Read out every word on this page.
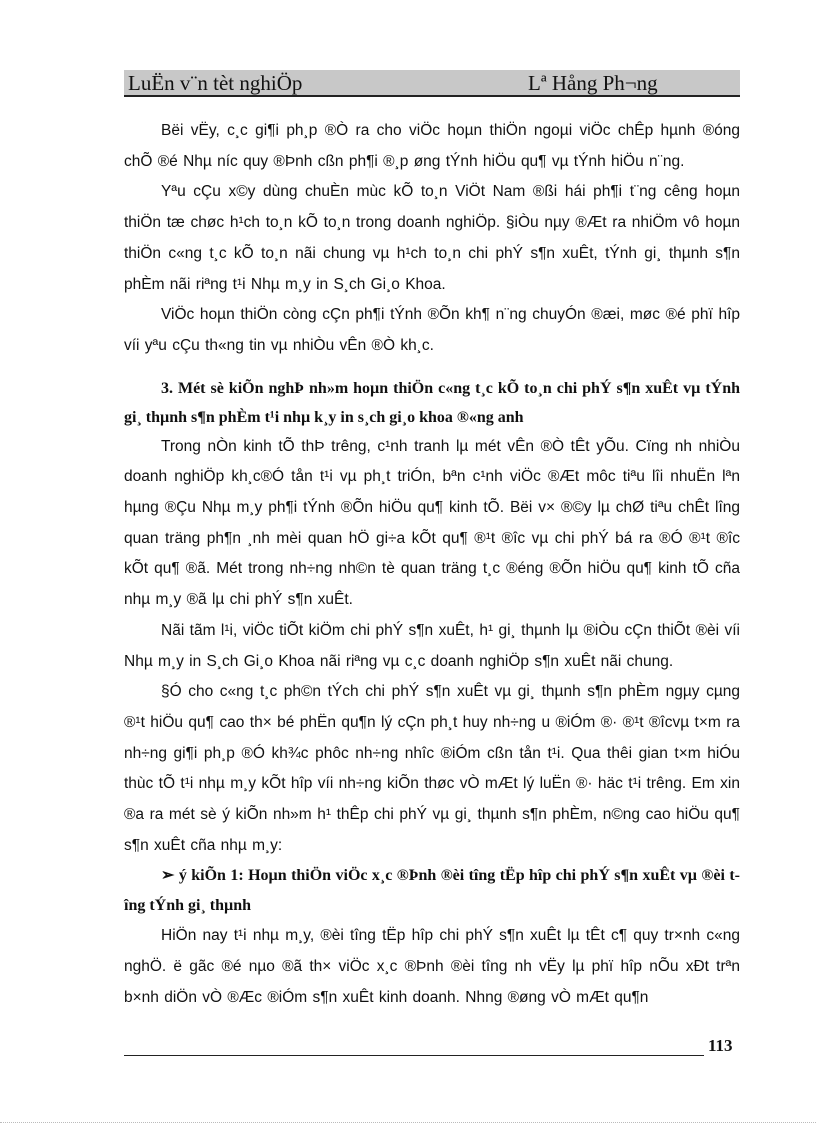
LuËn v¨n tèt nghiÖp	Lª Hång Ph¬ng

Bëi vËy, c¸c gi¶i ph¸p ®Ò ra cho viÖc hoµn thiÖn ngoµi viÖc chÊp hµnh ®óng chÕ ®é Nhµ níc quy ®Þnh cßn ph¶i ®¸p øng tÝnh hiÖu qu¶ vµ tÝnh hiÖu n¨ng.

Yªu cÇu x©y dùng chuÈn mùc kÕ to¸n ViÖt Nam ®ßi hái ph¶i t¨ng cêng hoµn thiÖn tæ chøc h¹ch to¸n kÕ to¸n trong doanh nghiÖp. §iÒu nµy ®Æt ra nhiÖm vô hoµn thiÖn c«ng t¸c kÕ to¸n nãi chung vµ h¹ch to¸n chi phÝ s¶n xuÊt, tÝnh gi¸ thµnh s¶n phÈm nãi riªng t¹i Nhµ m¸y in S¸ch Gi¸o Khoa.

ViÖc hoµn thiÖn còng cÇn ph¶i tÝnh ®Õn kh¶ n¨ng chuyÓn ®æi, møc ®é phï hîp víi yªu cÇu th«ng tin vµ nhiÒu vÊn ®Ò kh¸c.

3. Mét sè kiÕn nghÞ nh»m hoµn thiÖn c«ng t¸c kÕ to¸n chi phÝ s¶n xuÊt vµ tÝnh gi¸ thµnh s¶n phÈm t¹i nhµ k¸y in s¸ch gi¸o khoa ®«ng anh

Trong nÒn kinh tÕ thÞ trêng, c¹nh tranh lµ mét vÊn ®Ò tÊt yÕu. Cïng nh nhiÒu doanh nghiÖp kh¸c®Ó tån t¹i vµ ph¸t triÓn, bªn c¹nh viÖc ®Æt môc tiªu lîi nhuËn lªn hµng ®Çu Nhµ m¸y ph¶i tÝnh ®Õn hiÖu qu¶ kinh tÕ. Bëi v× ®©y lµ chØ tiªu chÊt lîng quan träng ph¶n ¸nh mèi quan hÖ gi÷a kÕt qu¶ ®¹t ®îc vµ chi phÝ bá ra ®Ó ®¹t ®îc kÕt qu¶ ®ã. Mét trong nh÷ng nh©n tè quan träng t¸c ®éng ®Õn hiÖu qu¶ kinh tÕ cña nhµ m¸y ®ã lµ chi phÝ s¶n xuÊt.

Nãi tãm l¹i, viÖc tiÕt kiÖm chi phÝ s¶n xuÊt, h¹ gi¸ thµnh lµ ®iÒu cÇn thiÕt ®èi víi Nhµ m¸y in S¸ch Gi¸o Khoa nãi riªng vµ c¸c doanh nghiÖp s¶n xuÊt nãi chung.

§Ó cho c«ng t¸c ph©n tÝch chi phÝ s¶n xuÊt vµ gi¸ thµnh s¶n phÈm ngµy cµng ®¹t hiÖu qu¶ cao th× bé phËn qu¶n lý cÇn ph¸t huy nh÷ng u ®iÓm ®· ®¹t ®îcvµ t×m ra nh÷ng gi¶i ph¸p ®Ó kh¾c phôc nh÷ng nhîc ®iÓm cßn tån t¹i. Qua thêi gian t×m hiÓu thùc tÕ t¹i nhµ m¸y kÕt hîp víi nh÷ng kiÕn thøc vÒ mÆt lý luËn ®· häc t¹i trêng. Em xin ®a ra mét sè ý kiÕn nh»m h¹ thÊp chi phÝ vµ gi¸ thµnh s¶n phÈm, n©ng cao hiÖu qu¶ s¶n xuÊt cña nhµ m¸y:

➢ ý kiÕn 1: Hoµn thiÖn viÖc x¸c ®Þnh ®èi tîng tËp hîp chi phÝ s¶n xuÊt vµ ®èi tîng tÝnh gi¸ thµnh

HiÖn nay t¹i nhµ m¸y, ®èi tîng tËp hîp chi phÝ s¶n xuÊt lµ tÊt c¶ quy tr×nh c«ng nghÖ. ë gãc ®é nµo ®ã th× viÖc x¸c ®Þnh ®èi tîng nh vËy lµ phï hîp nÕu xÐt trªn b×nh diÖn vÒ ®Æc ®iÓm s¶n xuÊt kinh doanh. Nhng ®øng vÒ mÆt qu¶n

113
